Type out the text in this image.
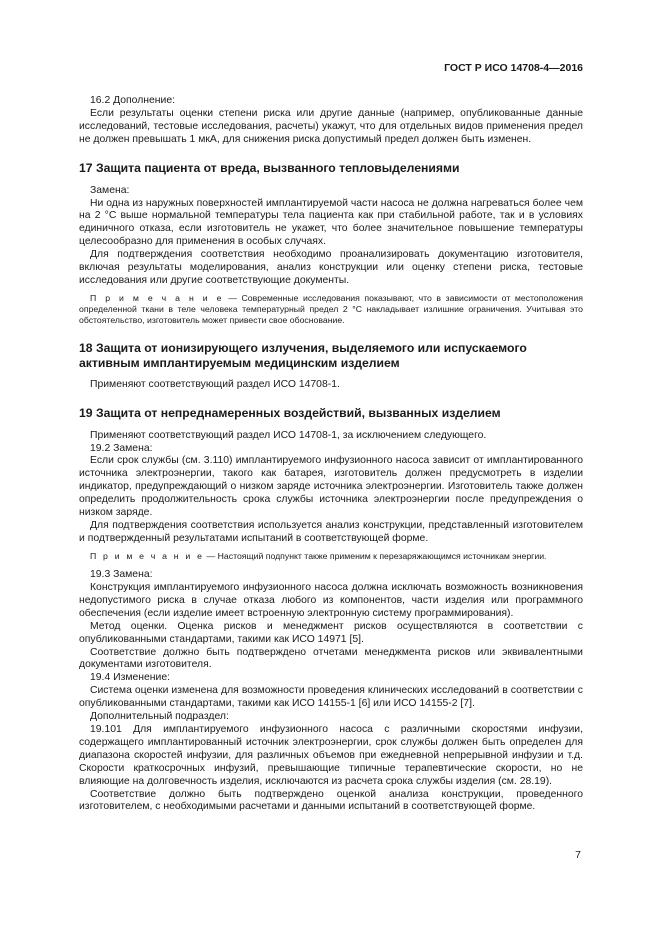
ГОСТ Р ИСО 14708-4—2016

16.2 Дополнение:

Если результаты оценки степени риска или другие данные (например, опубликованные данные исследований, тестовые исследования, расчеты) укажут, что для отдельных видов применения предел не должен превышать 1 мкА, для снижения риска допустимый предел должен быть изменен.

17 Защита пациента от вреда, вызванного тепловыделениями

Замена:

Ни одна из наружных поверхностей имплантируемой части насоса не должна нагреваться более чем на 2 °С выше нормальной температуры тела пациента как при стабильной работе, так и в условиях единичного отказа, если изготовитель не укажет, что более значительное повышение температуры целесообразно для применения в особых случаях.

Для подтверждения соответствия необходимо проанализировать документацию изготовителя, включая результаты моделирования, анализ конструкции или оценку степени риска, тестовые исследования или другие соответствующие документы.

П р и м е ч а н и е — Современные исследования показывают, что в зависимости от местоположения определенной ткани в теле человека температурный предел 2 °С накладывает излишние ограничения. Учитывая это обстоятельство, изготовитель может привести свое обоснование.

18 Защита от ионизирующего излучения, выделяемого или испускаемого активным имплантируемым медицинским изделием

Применяют соответствующий раздел ИСО 14708-1.

19 Защита от непреднамеренных воздействий, вызванных изделием

Применяют соответствующий раздел ИСО 14708-1, за исключением следующего.

19.2 Замена:

Если срок службы (см. 3.110) имплантируемого инфузионного насоса зависит от имплантированного источника электроэнергии, такого как батарея, изготовитель должен предусмотреть в изделии индикатор, предупреждающий о низком заряде источника электроэнергии. Изготовитель также должен определить продолжительность срока службы источника электроэнергии после предупреждения о низком заряде.

Для подтверждения соответствия используется анализ конструкции, представленный изготовителем и подтвержденный результатами испытаний в соответствующей форме.

П р и м е ч а н и е — Настоящий подпункт также применим к перезаряжающимся источникам энергии.

19.3 Замена:

Конструкция имплантируемого инфузионного насоса должна исключать возможность возникновения недопустимого риска в случае отказа любого из компонентов, части изделия или программного обеспечения (если изделие имеет встроенную электронную систему программирования).

Метод оценки. Оценка рисков и менеджмент рисков осуществляются в соответствии с опубликованными стандартами, такими как ИСО 14971 [5].

Соответствие должно быть подтверждено отчетами менеджмента рисков или эквивалентными документами изготовителя.

19.4 Изменение:

Система оценки изменена для возможности проведения клинических исследований в соответствии с опубликованными стандартами, такими как ИСО 14155-1 [6] или ИСО 14155-2 [7].

Дополнительный подраздел:

19.101 Для имплантируемого инфузионного насоса с различными скоростями инфузии, содержащего имплантированный источник электроэнергии, срок службы должен быть определен для диапазона скоростей инфузии, для различных объемов при ежедневной непрерывной инфузии и т.д. Скорости краткосрочных инфузий, превышающие типичные терапевтические скорости, но не влияющие на долговечность изделия, исключаются из расчета срока службы изделия (см. 28.19).

Соответствие должно быть подтверждено оценкой анализа конструкции, проведенного изготовителем, с необходимыми расчетами и данными испытаний в соответствующей форме.

7
